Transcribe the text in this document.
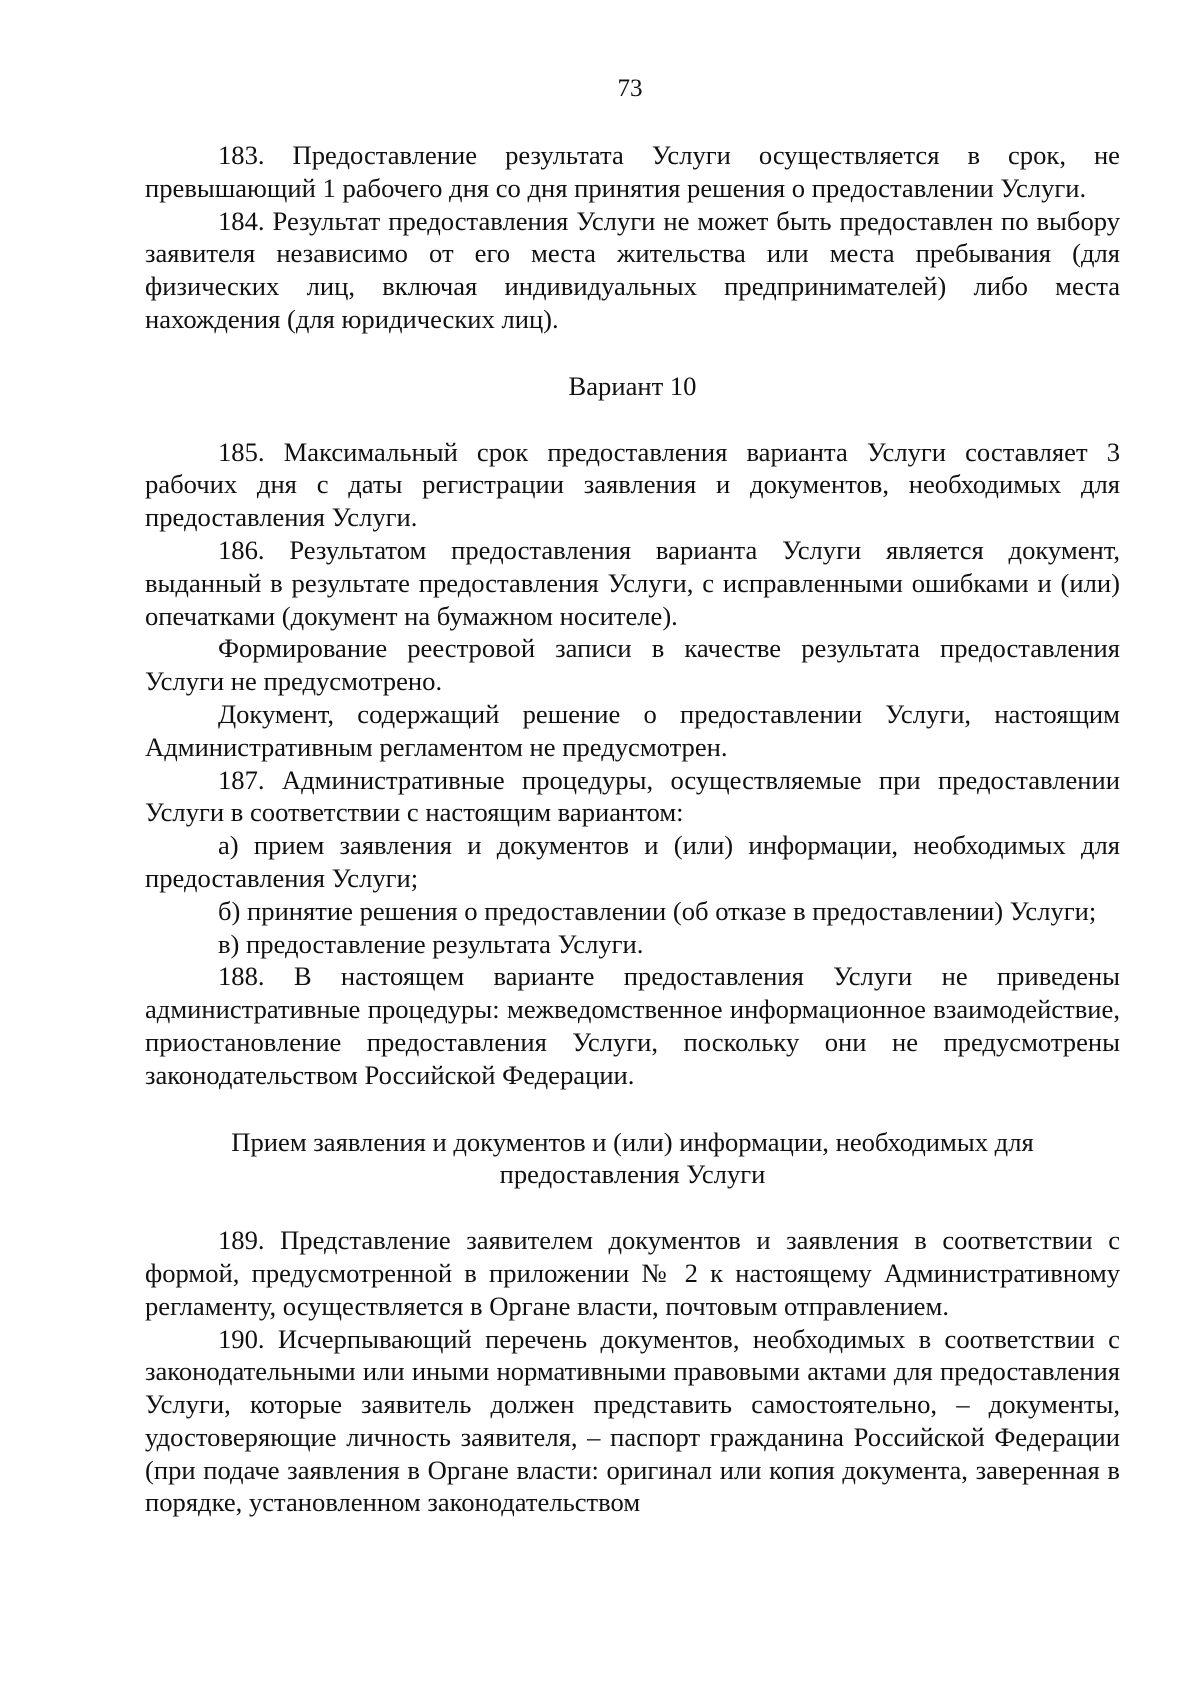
73

183. Предоставление результата Услуги осуществляется в срок, не превышающий 1 рабочего дня со дня принятия решения о предоставлении Услуги.

184. Результат предоставления Услуги не может быть предоставлен по выбору заявителя независимо от его места жительства или места пребывания (для физических лиц, включая индивидуальных предпринимателей) либо места нахождения (для юридических лиц).

Вариант 10

185. Максимальный срок предоставления варианта Услуги составляет 3 рабочих дня с даты регистрации заявления и документов, необходимых для предоставления Услуги.

186. Результатом предоставления варианта Услуги является документ, выданный в результате предоставления Услуги, с исправленными ошибками и (или) опечатками (документ на бумажном носителе).

Формирование реестровой записи в качестве результата предоставления Услуги не предусмотрено.

Документ, содержащий решение о предоставлении Услуги, настоящим Административным регламентом не предусмотрен.

187. Административные процедуры, осуществляемые при предоставлении Услуги в соответствии с настоящим вариантом:

а) прием заявления и документов и (или) информации, необходимых для предоставления Услуги;

б) принятие решения о предоставлении (об отказе в предоставлении) Услуги;

в) предоставление результата Услуги.

188. В настоящем варианте предоставления Услуги не приведены административные процедуры: межведомственное информационное взаимодействие, приостановление предоставления Услуги, поскольку они не предусмотрены законодательством Российской Федерации.

Прием заявления и документов и (или) информации, необходимых для предоставления Услуги

189. Представление заявителем документов и заявления в соответствии с формой, предусмотренной в приложении № 2 к настоящему Административному регламенту, осуществляется в Органе власти, почтовым отправлением.

190. Исчерпывающий перечень документов, необходимых в соответствии с законодательными или иными нормативными правовыми актами для предоставления Услуги, которые заявитель должен представить самостоятельно, – документы, удостоверяющие личность заявителя, – паспорт гражданина Российской Федерации (при подаче заявления в Органе власти: оригинал или копия документа, заверенная в порядке, установленном законодательством
